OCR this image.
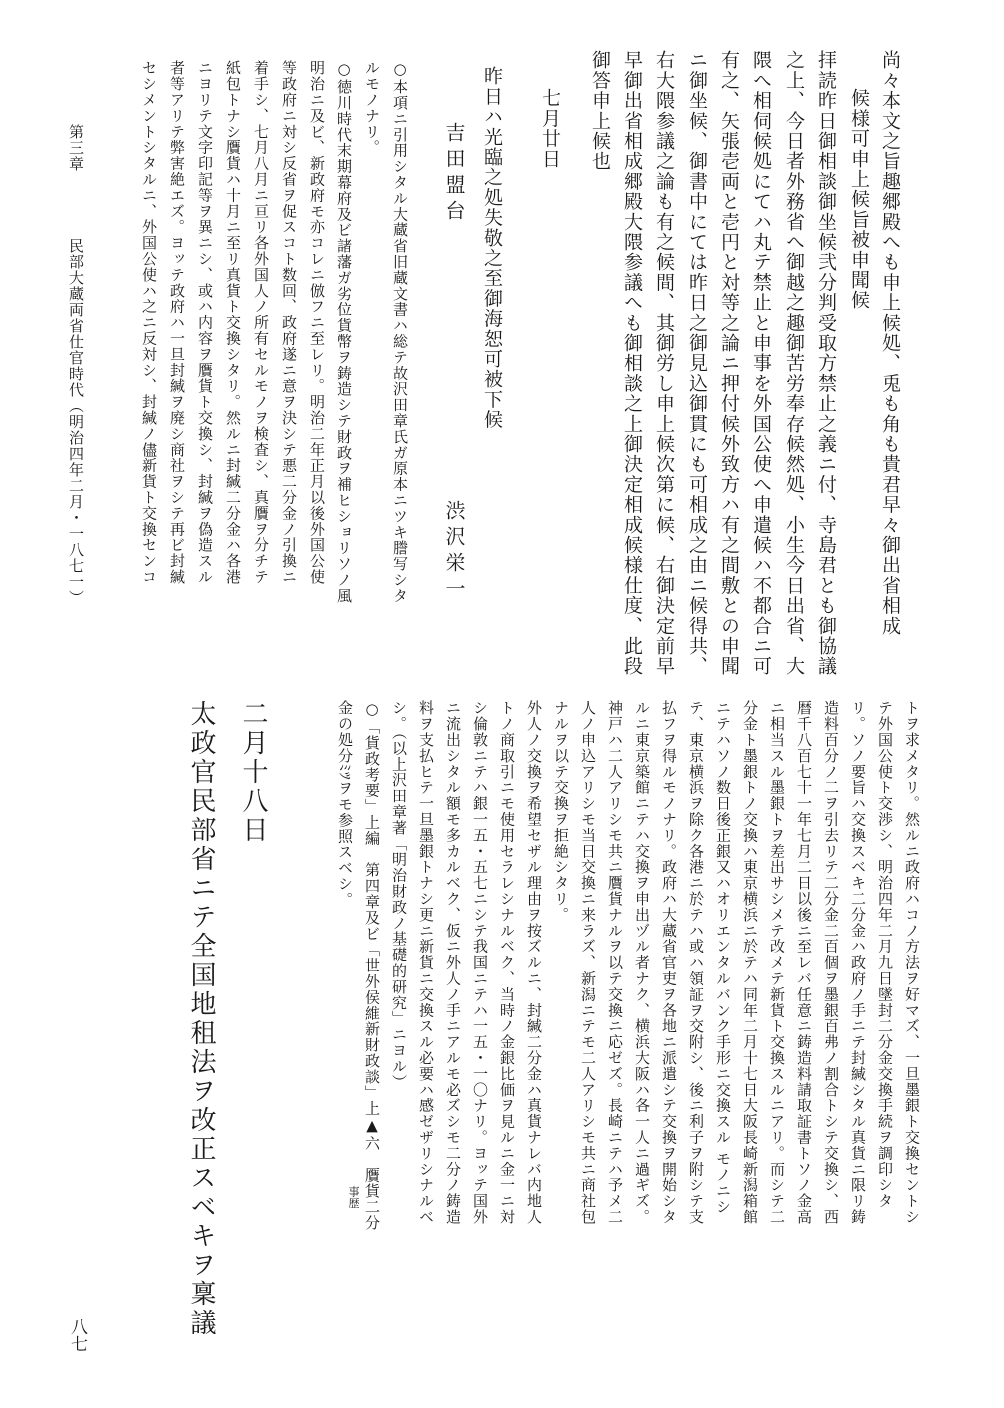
尚々本文之旨趣郷殿へも申上候処、兎も角も貴君早々御出省相成
候様可申上候旨被申聞候
拝読昨日御相談御坐候弐分判受取方禁止之義ニ付、寺島君とも御協議
之上、今日者外務省へ御越之趣御苦労奉存候然処、小生今日出省、大
隈へ相伺候処にてハ丸テ禁止と申事を外国公使へ申遣候ハ不都合ニ可
有之、矢張壱両と壱円と対等之論ニ押付候外致方ハ有之間敷との申聞
ニ御坐候、御書中にては昨日之御見込御貫にも可相成之由ニ候得共、
右大隈参議之論も有之候間、其御労し申上候次第に候、右御決定前早
早御出省相成郷殿大隈参議へも御相談之上御決定相成候様仕度、此段
御答申上候也
七月廿日
昨日ハ光臨之処失敬之至御海恕可被下候
吉田盟台
渋沢栄一
○本項ニ引用シタル大蔵省旧蔵文書ハ総テ故沢田章氏ガ原本ニツキ謄写シタ
ルモノナリ。
○徳川時代末期幕府及ビ諸藩ガ劣位貨幣ヲ鋳造シテ財政ヲ補ヒショリソノ風
明治ニ及ビ、新政府モ亦コレニ倣フニ至レリ。明治二年正月以後外国公使
等政府ニ対シ反省ヲ促スコト数回、政府遂ニ意ヲ決シテ悪二分金ノ引換ニ
着手シ、七月八月ニ亘リ各外国人ノ所有セルモノヲ検査シ、真贋ヲ分チテ
紙包トナシ贋貨ハ十月ニ至リ真貨ト交換シタリ。然ルニ封緘二分金ハ各港
ニヨリテ文字印記等ヲ異ニシ、或ハ内容ヲ贋貨ト交換シ、封緘ヲ偽造スル
者等アリテ弊害絶エズ。ヨッテ政府ハ一旦封緘ヲ廃シ商社ヲシテ再ビ封緘
セシメントシタルニ、外国公使ハ之ニ反対シ、封緘ノ儘新貨ト交換センコ
第三章
民部大蔵両省仕官時代（明治四年二月・一八七一）
トヲ求メタリ。然ルニ政府ハコノ方法ヲ好マズ、一旦墨銀ト交換セントシ
テ外国公使ト交渉シ、明治四年二月九日墜封二分金交換手続ヲ調印シタ
リ。ソノ要旨ハ交換スベキ二分金ハ政府ノ手ニテ封緘シタル真貨ニ限リ鋳
造料百分ノ二ヲ引去リテ二分金二百個ヲ墨銀百弗ノ割合トシテ交換シ、西
暦千八百七十一年七月二日以後ニ至レバ任意ニ鋳造料請取証書トソノ金高
ニ相当スル墨銀トヲ差出サシメテ改メテ新貨ト交換スルニアリ。而シテ二
分金ト墨銀トノ交換ハ東京横浜ニ於テハ同年二月十七日大阪長崎新潟箱館
ニテハソノ数日後正銀又ハオリエンタルバンク手形ニ交換スル モノニシ
テ、東京横浜ヲ除ク各港ニ於テハ或ハ領証ヲ交附シ、後ニ利子ヲ附シテ支
払フヲ得ルモノナリ。政府ハ大蔵省官吏ヲ各地ニ派遣シテ交換ヲ開始シタ
ルニ東京築館ニテハ交換ヲ申出ヅル者ナク、横浜大阪ハ各一人ニ過ギズ。
神戸ハ二人アリシモ共ニ贋貨ナルヲ以テ交換ニ応ゼズ。長崎ニテハ予メ二
人ノ申込アリシモ当日交換ニ来ラズ、新潟ニテモ二人アリシモ共ニ商社包
ナルヲ以テ交換ヲ拒絶シタリ。
外人ノ交換ヲ希望セザル理由ヲ按ズルニ、封緘二分金ハ真貨ナレバ内地人
トノ商取引ニモ使用セラレシナルベク、当時ノ金銀比価ヲ見ルニ金一ニ対
シ倫敦ニテハ銀一五・五七ニシテ我国ニテハ一五・一〇ナリ。ヨッテ国外
ニ流出シタル額モ多カルベク、仮ニ外人ノ手ニアルモ必ズシモ二分ノ鋳造
料ヲ支払ヒテ一旦墨銀トナシ更ニ新貨ニ交換スル必要ハ感ゼザリシナルベ
シ。（以上沢田章著「明治財政ノ基礎的研究」ニヨル）
○「貨政考要」上編　第四章及ビ「世外侯維新財政談」上▲六　贋貨二分
事歴
金の処分ﾐﾂヲモ参照スベシ。
二月十八日
太政官民部省ニテ全国地租法ヲ改正スベキヲ稟議
八七
